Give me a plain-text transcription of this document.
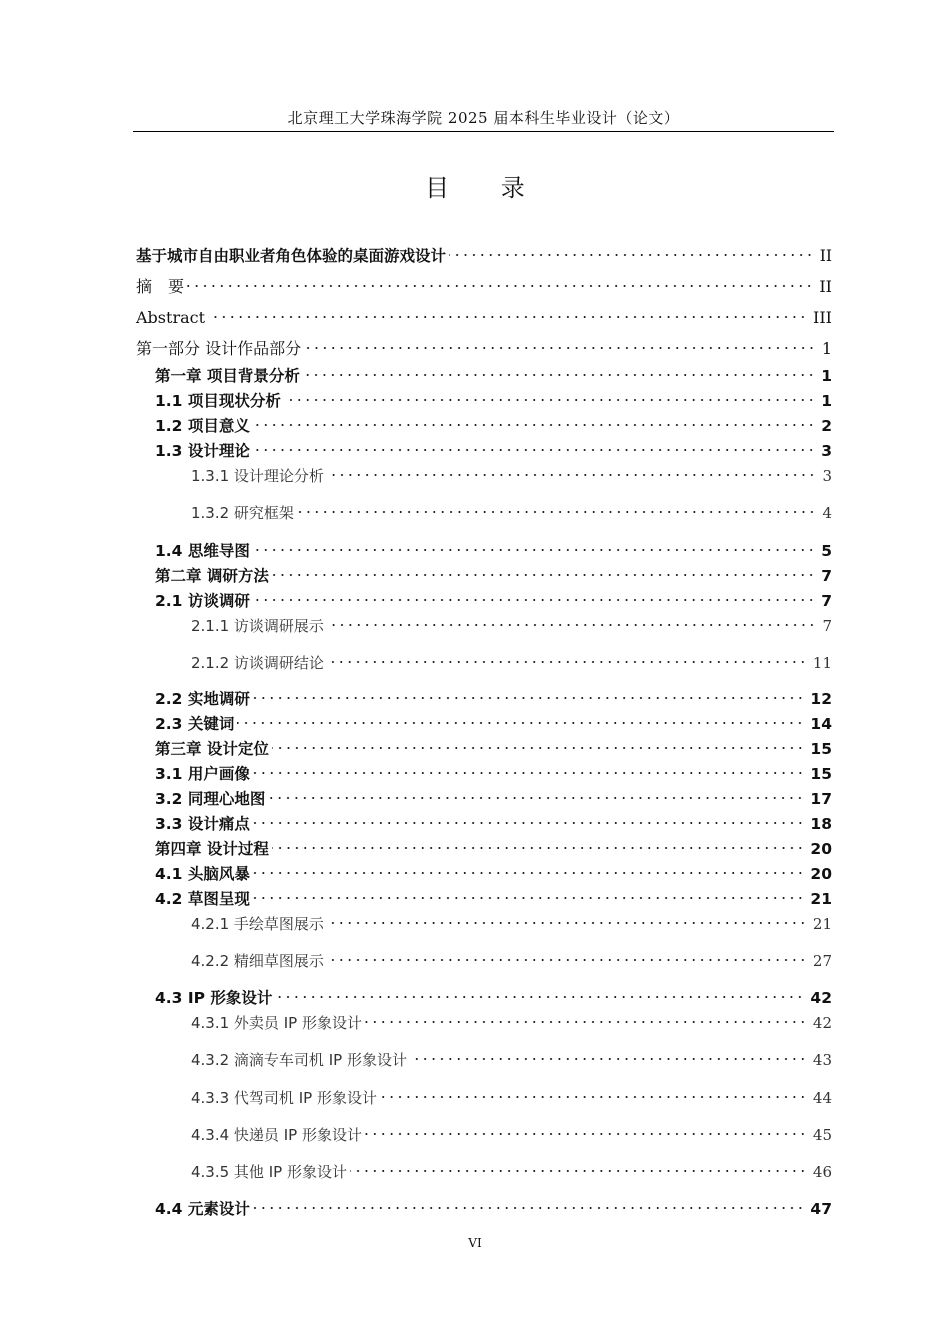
北京理工大学珠海学院 2025 届本科生毕业设计（论文）
目 录
基于城市自由职业者角色体验的桌面游戏设计	II
摘　要	II
Abstract	III
第一部分 设计作品部分	1
第一章 项目背景分析	1
1.1 项目现状分析	1
1.2 项目意义	2
1.3 设计理论	3
1.3.1 设计理论分析	3
1.3.2 研究框架	4
1.4 思维导图	5
第二章 调研方法	7
2.1 访谈调研	7
2.1.1 访谈调研展示	7
2.1.2 访谈调研结论	11
2.2 实地调研	12
2.3 关键词	14
第三章 设计定位	15
3.1 用户画像	15
3.2 同理心地图	17
3.3 设计痛点	18
第四章 设计过程	20
4.1 头脑风暴	20
4.2 草图呈现	21
4.2.1 手绘草图展示	21
4.2.2 精细草图展示	27
4.3 IP 形象设计	42
4.3.1 外卖员 IP 形象设计	42
4.3.2 滴滴专车司机 IP 形象设计	43
4.3.3 代驾司机 IP 形象设计	44
4.3.4 快递员 IP 形象设计	45
4.3.5 其他 IP 形象设计	46
4.4 元素设计	47
VI
